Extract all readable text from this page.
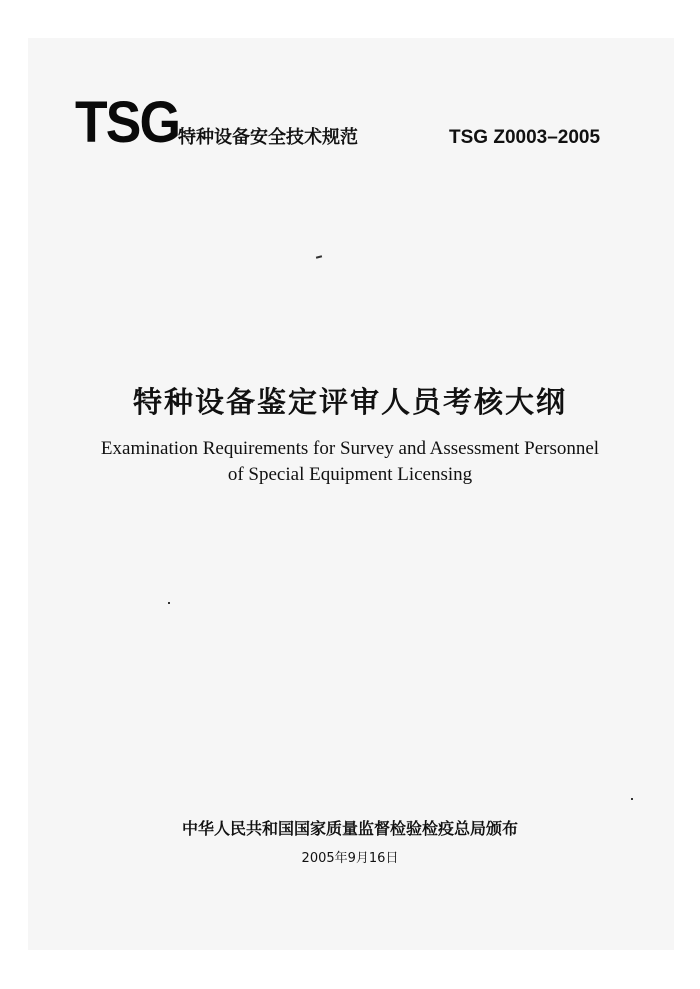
TSG
特种设备安全技术规范	TSG Z0003–2005
特种设备鉴定评审人员考核大纲
Examination Requirements for Survey and Assessment Personnel
of Special Equipment Licensing
中华人民共和国国家质量监督检验检疫总局颁布
2005年9月16日
